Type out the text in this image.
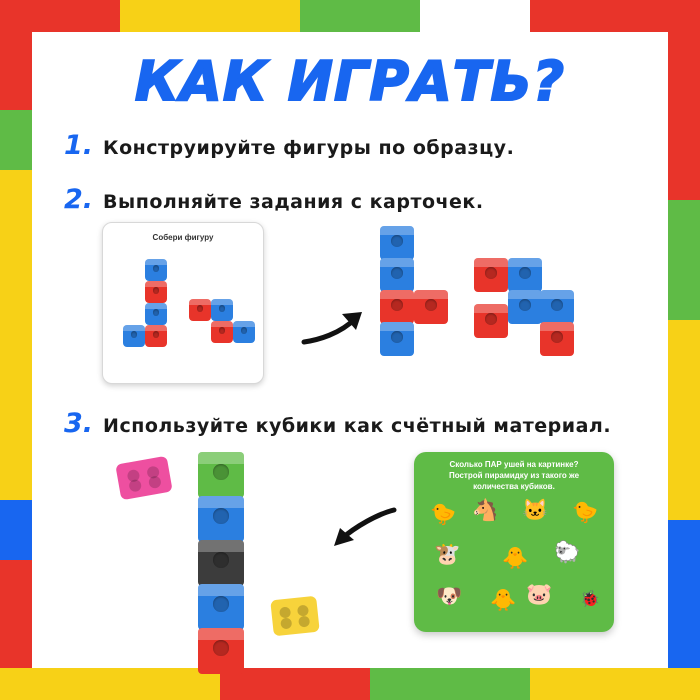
КАК ИГРАТЬ?
1. Конструируйте фигуры по образцу.
2. Выполняйте задания с карточек.
Собери фигуру
3. Используйте кубики как счётный материал.
Сколько ПАР ушей на картинке?
Построй пирамидку из такого же
количества кубиков.
🐤 🐴 🐱 🐤
🐮 🐥 🐑
🐶 🐥 🐷 🐞
